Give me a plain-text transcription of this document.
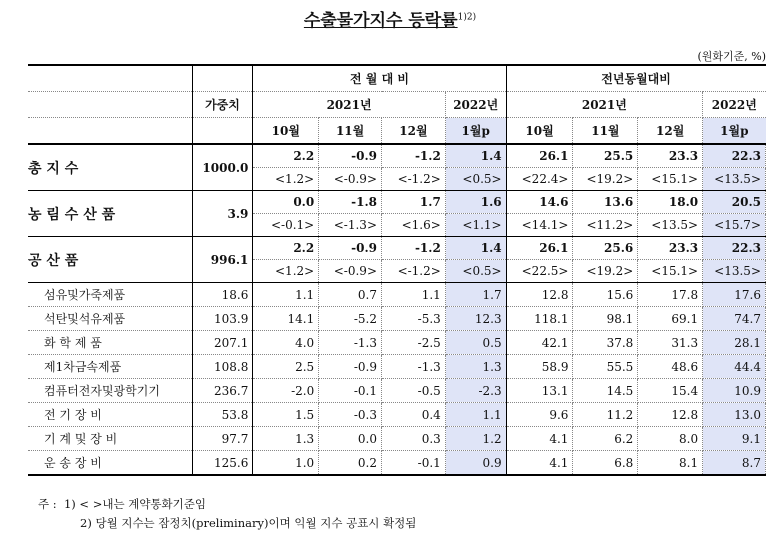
수출물가지수 등락률$^{1)2)}$
(원화기준, %)
		전 월 대 비				전년동월대비			
	가중치	2021년			2022년	2021년			2022년
		10월	11월	12월	1월p	10월	11월	12월	1월p

총 지 수	1000.0	2.2	-0.9	-1.2	1.4	26.1	25.5	23.3	22.3
		<1.2>	<-0.9>	<-1.2>	<0.5>	<22.4>	<19.2>	<15.1>	<13.5>

농 림 수 산 품	3.9	0.0	-1.8	1.7	1.6	14.6	13.6	18.0	20.5
		<-0.1>	<-1.3>	<1.6>	<1.1>	<14.1>	<11.2>	<13.5>	<15.7>

공 산 품	996.1	2.2	-0.9	-1.2	1.4	26.1	25.6	23.3	22.3
		<1.2>	<-0.9>	<-1.2>	<0.5>	<22.5>	<19.2>	<15.1>	<13.5>
섬유및가죽제품	18.6	1.1	0.7	1.1	1.7	12.8	15.6	17.8	17.6
석탄및석유제품	103.9	14.1	-5.2	-5.3	12.3	118.1	98.1	69.1	74.7
화 학 제 품	207.1	4.0	-1.3	-2.5	0.5	42.1	37.8	31.3	28.1
제1차금속제품	108.8	2.5	-0.9	-1.3	1.3	58.9	55.5	48.6	44.4
컴퓨터전자및광학기기	236.7	-2.0	-0.1	-0.5	-2.3	13.1	14.5	15.4	10.9
전 기 장 비	53.8	1.5	-0.3	0.4	1.1	9.6	11.2	12.8	13.0
기 계 및 장 비	97.7	1.3	0.0	0.3	1.2	4.1	6.2	8.0	9.1
운 송 장 비	125.6	1.0	0.2	-0.1	0.9	4.1	6.8	8.1	8.7
주 : 1) < >내는 계약통화기준임
2) 당월 지수는 잠정치(preliminary)이며 익월 지수 공표시 확정됨
